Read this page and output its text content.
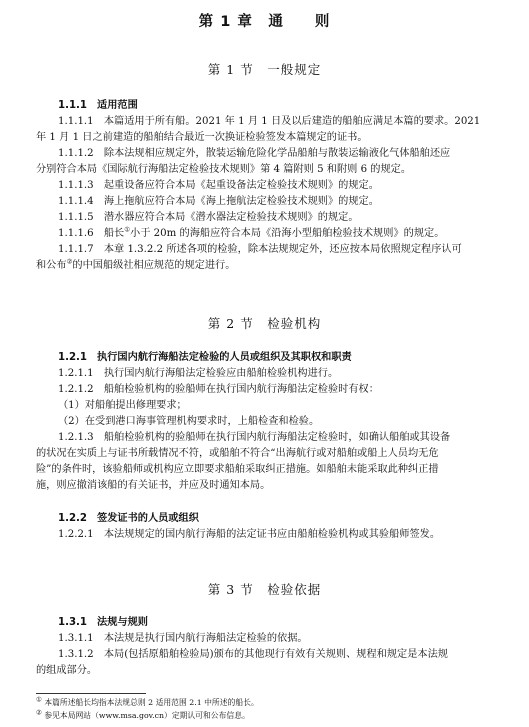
第 1 章　通　　则
第 1 节　一般规定
1.1.1 适用范围
1.1.1.1　本篇适用于所有船。2021 年 1 月 1 日及以后建造的船舶应满足本篇的要求。2021
年 1 月 1 日之前建造的船舶结合最近一次换证检验签发本篇规定的证书。
1.1.1.2　除本法规相应规定外，散装运输危险化学品船舶与散装运输液化气体船舶还应
分别符合本局《国际航行海船法定检验技术规则》第 4 篇附则 5 和附则 6 的规定。
1.1.1.3　起重设备应符合本局《起重设备法定检验技术规则》的规定。
1.1.1.4　海上拖航应符合本局《海上拖航法定检验技术规则》的规定。
1.1.1.5　潜水器应符合本局《潜水器法定检验技术规则》的规定。
1.1.1.6　船长①小于 20m 的海船应符合本局《沿海小型船舶检验技术规则》的规定。
1.1.1.7　本章 1.3.2.2 所述各项的检验，除本法规规定外，还应按本局依照规定程序认可
和公布②的中国船级社相应规范的规定进行。
第 2 节　检验机构
1.2.1 执行国内航行海船法定检验的人员或组织及其职权和职责
1.2.1.1　执行国内航行海船法定检验应由船舶检验机构进行。
1.2.1.2　船舶检验机构的验船师在执行国内航行海船法定检验时有权：
（1）对船舶提出修理要求；
（2）在受到港口海事管理机构要求时，上船检查和检验。
1.2.1.3　船舶检验机构的验船师在执行国内航行海船法定检验时，如确认船舶或其设备
的状况在实质上与证书所载情况不符，或船舶不符合“出海航行或对船舶或船上人员均无危
险”的条件时，该验船师或机构应立即要求船舶采取纠正措施。如船舶未能采取此种纠正措
施，则应撤消该船的有关证书，并应及时通知本局。
1.2.2 签发证书的人员或组织
1.2.2.1　本法规规定的国内航行海船的法定证书应由船舶检验机构或其验船师签发。
第 3 节　检验依据
1.3.1 法规与规则
1.3.1.1　本法规是执行国内航行海船法定检验的依据。
1.3.1.2　本局(包括原船舶检验局)颁布的其他现行有效有关规则、规程和规定是本法规
的组成部分。
① 本篇所述船长均指本法规总则 2 适用范围 2.1 中所述的船长。
② 参见本局网站（www.msa.gov.cn）定期认可和公布信息。
